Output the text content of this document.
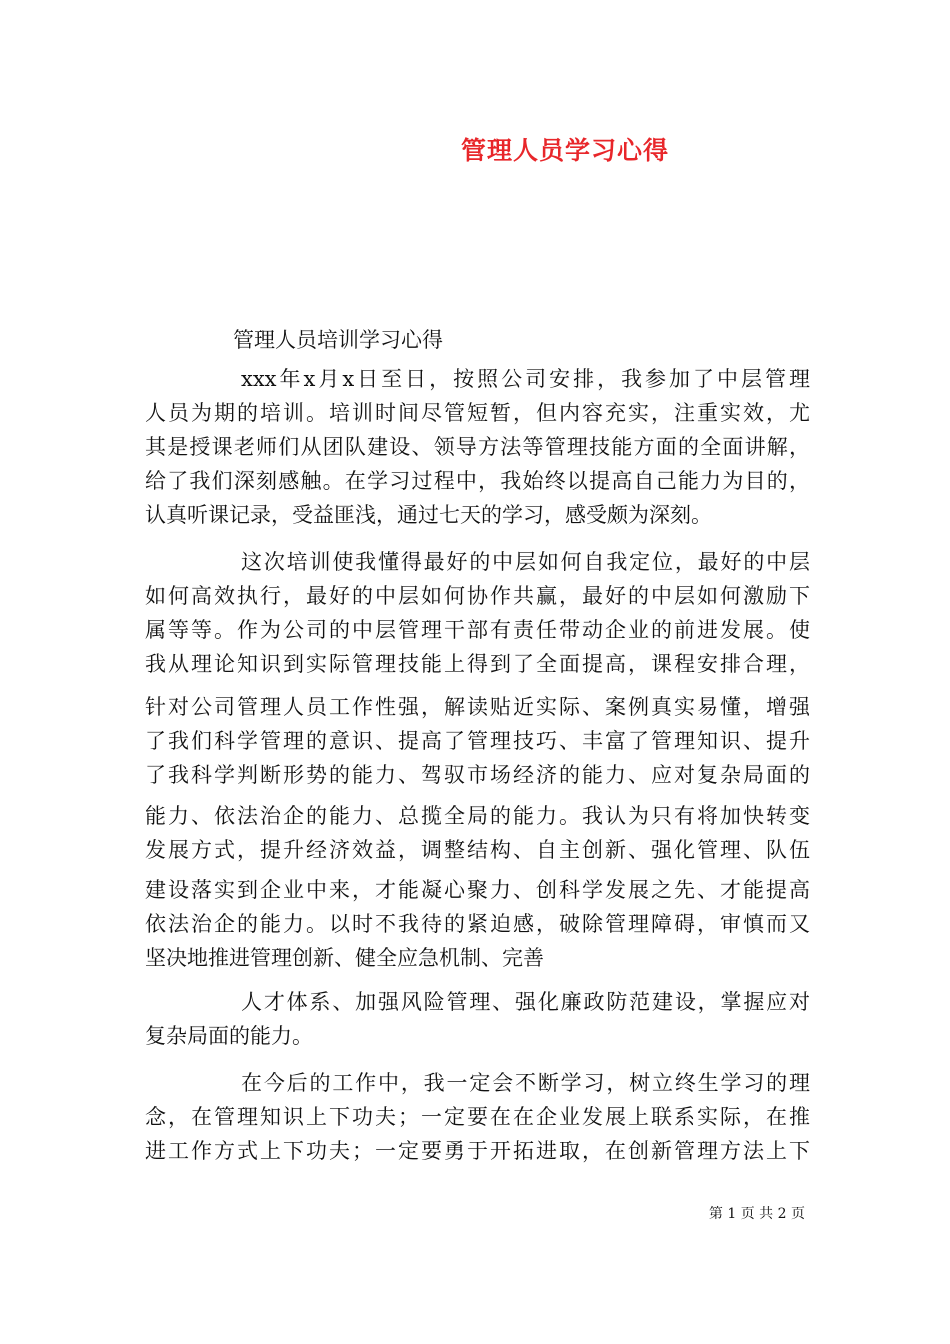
管理人员学习心得
管理人员培训学习心得
xxx年x月x日至日，按照公司安排，我参加了中层管理
人员为期的培训。培训时间尽管短暂，但内容充实，注重实效，尤
其是授课老师们从团队建设、领导方法等管理技能方面的全面讲解，
给了我们深刻感触。在学习过程中，我始终以提高自己能力为目的，
认真听课记录，受益匪浅，通过七天的学习，感受颇为深刻。
这次培训使我懂得最好的中层如何自我定位，最好的中层
如何高效执行，最好的中层如何协作共赢，最好的中层如何激励下
属等等。作为公司的中层管理干部有责任带动企业的前进发展。使
我从理论知识到实际管理技能上得到了全面提高，课程安排合理，
针对公司管理人员工作性强，解读贴近实际、案例真实易懂，增强
了我们科学管理的意识、提高了管理技巧、丰富了管理知识、提升
了我科学判断形势的能力、驾驭市场经济的能力、应对复杂局面的
能力、依法治企的能力、总揽全局的能力。我认为只有将加快转变
发展方式，提升经济效益，调整结构、自主创新、强化管理、队伍
建设落实到企业中来，才能凝心聚力、创科学发展之先、才能提高
依法治企的能力。以时不我待的紧迫感，破除管理障碍，审慎而又
坚决地推进管理创新、健全应急机制、完善
人才体系、加强风险管理、强化廉政防范建设，掌握应对
复杂局面的能力。
在今后的工作中，我一定会不断学习，树立终生学习的理
念，在管理知识上下功夫；一定要在在企业发展上联系实际，在推
进工作方式上下功夫；一定要勇于开拓进取，在创新管理方法上下
第 1 页 共 2 页
